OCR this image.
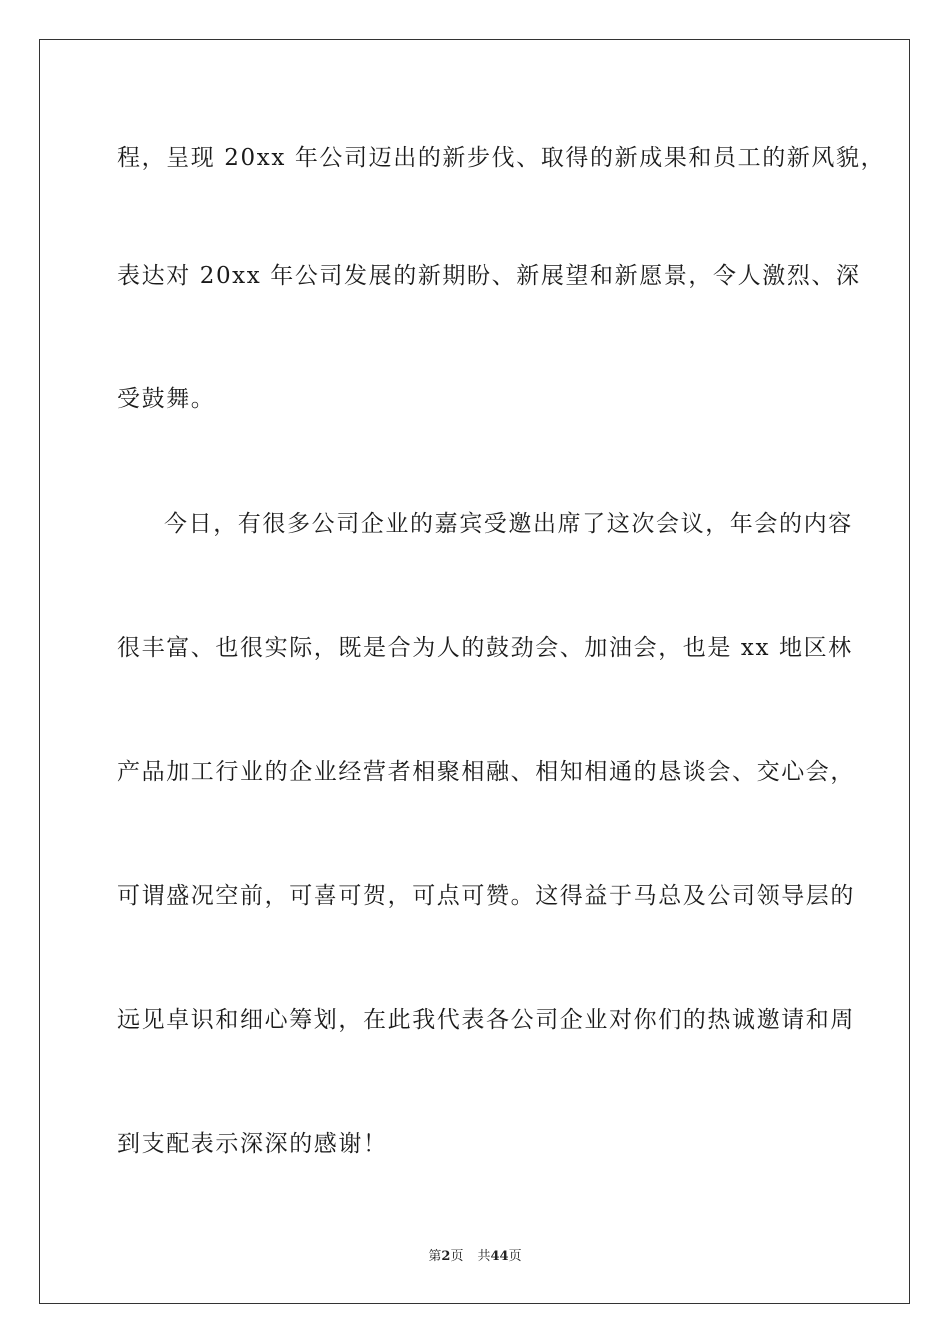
程，呈现 20xx 年公司迈出的新步伐、取得的新成果和员工的新风貌，
表达对 20xx 年公司发展的新期盼、新展望和新愿景，令人激烈、深
受鼓舞。
今日，有很多公司企业的嘉宾受邀出席了这次会议，年会的内容
很丰富、也很实际，既是合为人的鼓劲会、加油会，也是 xx 地区林
产品加工行业的企业经营者相聚相融、相知相通的恳谈会、交心会，
可谓盛况空前，可喜可贺，可点可赞。这得益于马总及公司领导层的
远见卓识和细心筹划，在此我代表各公司企业对你们的热诚邀请和周
到支配表示深深的感谢！
第2页 共44页
